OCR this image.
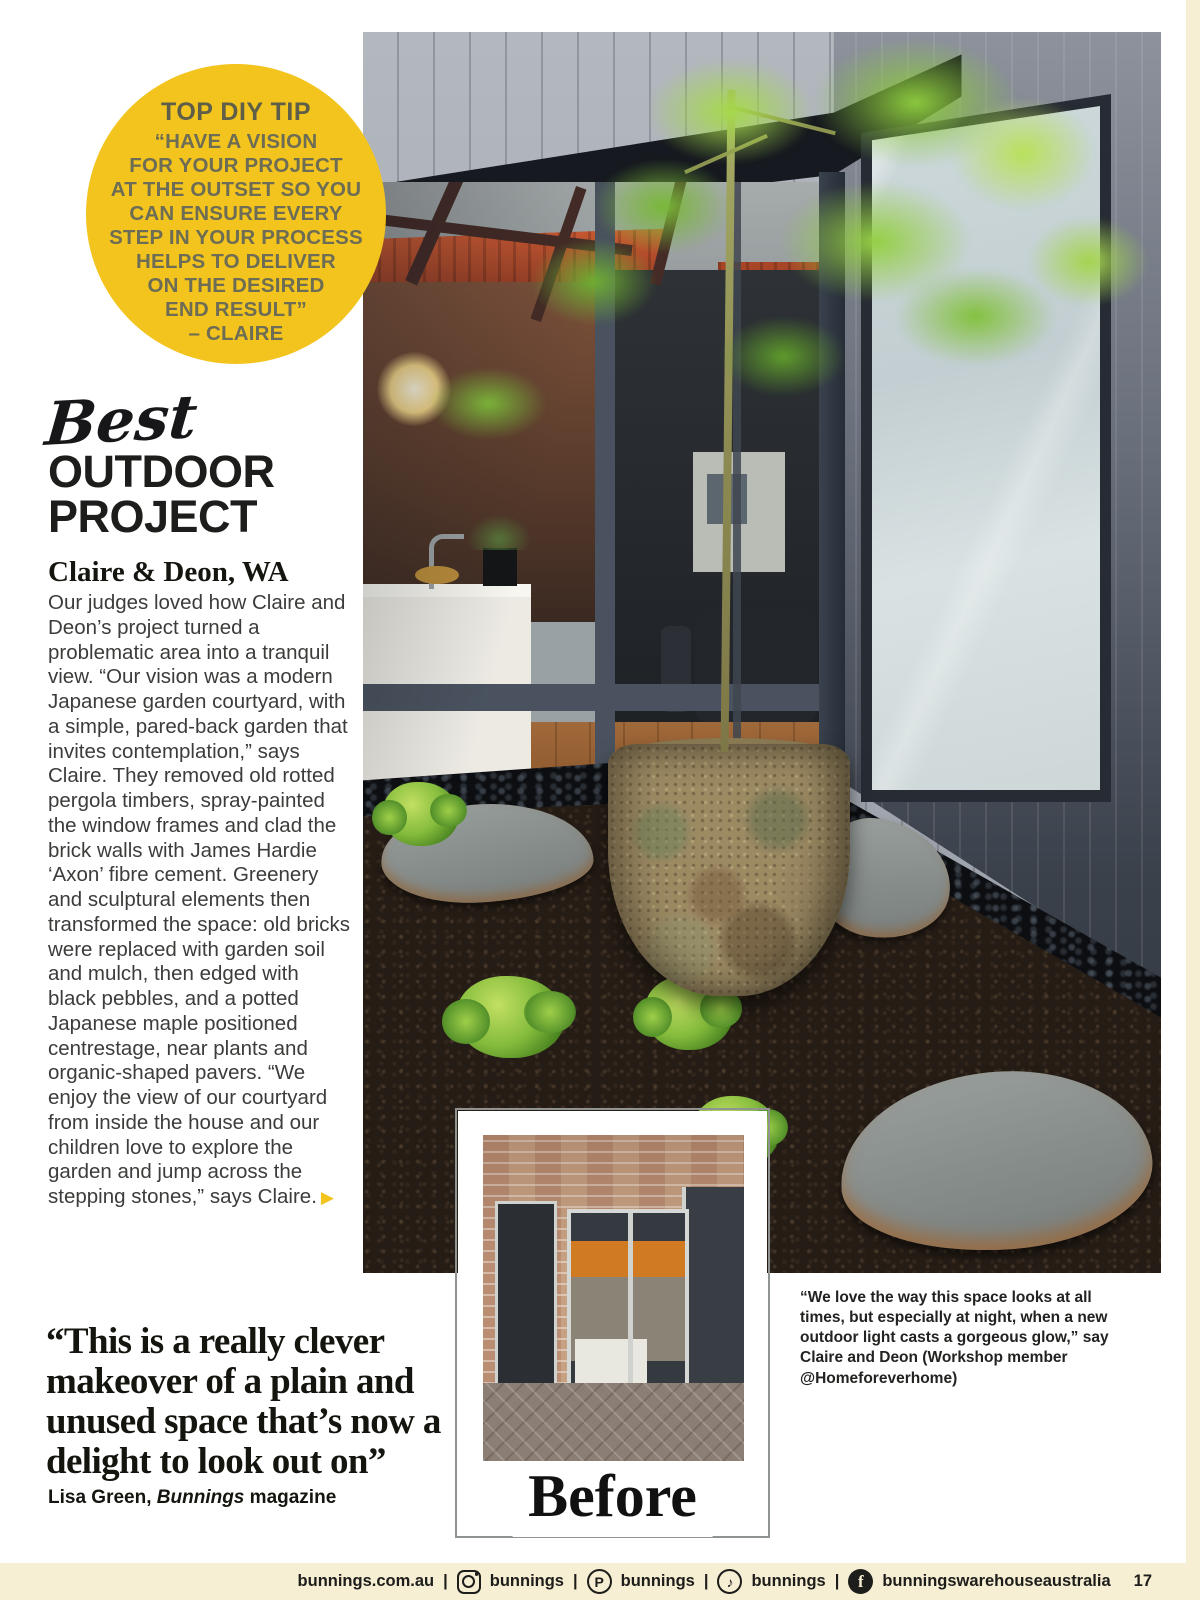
TOP DIY TIP
“HAVE A VISION
FOR YOUR PROJECT
AT THE OUTSET SO YOU
CAN ENSURE EVERY
STEP IN YOUR PROCESS
HELPS TO DELIVER
ON THE DESIRED
END RESULT”
– CLAIRE
Best
OUTDOOR
PROJECT
Claire & Deon, WA
Our judges loved how Claire and Deon’s project turned a problematic area into a tranquil view. “Our vision was a modern Japanese garden courtyard, with a simple, pared-back garden that invites contemplation,” says Claire. They removed old rotted pergola timbers, spray-painted the window frames and clad the brick walls with James Hardie ‘Axon’ fibre cement. Greenery and sculptural elements then transformed the space: old bricks were replaced with garden soil and mulch, then edged with black pebbles, and a potted Japanese maple positioned centrestage, near plants and organic-shaped pavers. “We enjoy the view of our courtyard from inside the house and our children love to explore the garden and jump across the stepping stones,” says Claire. ▶
“This is a really clever makeover of a plain and unused space that’s now a delight to look out on”
Lisa Green, Bunnings magazine	Before
“We love the way this space looks at all times, but especially at night, when a new outdoor light casts a gorgeous glow,” say Claire and Deon (Workshop member @Homeforeverhome)
bunnings.com.au |	bunnings |	P	bunnings |	♪	bunnings |	f	bunningswarehouseaustralia 17
